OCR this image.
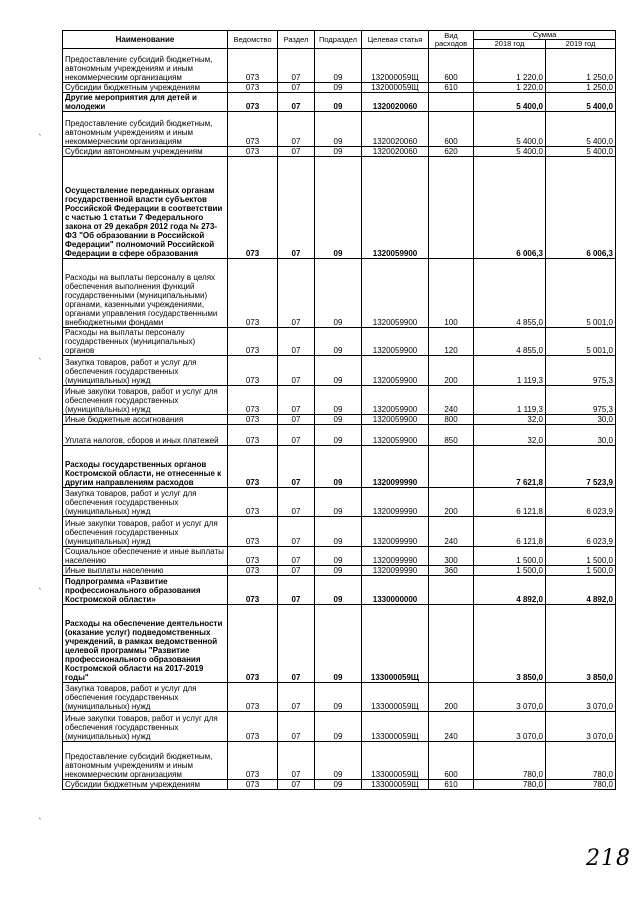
Наименование	Ведомство	Раздел	Подраздел	Целевая статья	Вид расходов	Сумма	
						2018 год	2019 год
Предоставление субсидий бюджетным, автономным учреждениям и иным некоммерческим организациям	073	07	09	132000059Щ	600	1 220,0	1 250,0
Субсидии бюджетным учреждениям	073	07	09	132000059Щ	610	1 220,0	1 250,0
Другие мероприятия для детей и молодежи	073	07	09	1320020060		5 400,0	5 400,0
Предоставление субсидий бюджетным, автономным учреждениям и иным некоммерческим организациям	073	07	09	1320020060	600	5 400,0	5 400,0
Субсидии автономным учреждениям	073	07	09	1320020060	620	5 400,0	5 400,0
Осуществление переданных органам государственной власти субъектов Российской Федерации в соответствии с частью 1 статьи 7 Федерального закона от 29 декабря 2012 года № 273-ФЗ "Об образовании в Российской Федерации" полномочий Российской Федерации в сфере образования	073	07	09	1320059900		6 006,3	6 006,3
Расходы на выплаты персоналу в целях обеспечения выполнения функций государственными (муниципальными) органами, казенными учреждениями, органами управления государственными внебюджетными фондами	073	07	09	1320059900	100	4 855,0	5 001,0
Расходы на выплаты персоналу государственных (муниципальных) органов	073	07	09	1320059900	120	4 855,0	5 001,0
Закупка товаров, работ и услуг для обеспечения государственных (муниципальных) нужд	073	07	09	1320059900	200	1 119,3	975,3
Иные закупки товаров, работ и услуг для обеспечения государственных (муниципальных) нужд	073	07	09	1320059900	240	1 119,3	975,3
Иные бюджетные ассигнования	073	07	09	1320059900	800	32,0	30,0
Уплата налогов, сборов и иных платежей	073	07	09	1320059900	850	32,0	30,0
Расходы государственных органов Костромской области, не отнесенные к другим направлениям расходов	073	07	09	1320099990		7 621,8	7 523,9
Закупка товаров, работ и услуг для обеспечения государственных (муниципальных) нужд	073	07	09	1320099990	200	6 121,8	6 023,9
Иные закупки товаров, работ и услуг для обеспечения государственных (муниципальных) нужд	073	07	09	1320099990	240	6 121,8	6 023,9
Социальное обеспечение и иные выплаты населению	073	07	09	1320099990	300	1 500,0	1 500,0
Иные выплаты населению	073	07	09	1320099990	360	1 500,0	1 500,0
Подпрограмма «Развитие профессионального образования Костромской области»	073	07	09	1330000000		4 892,0	4 892,0
Расходы на обеспечение деятельности (оказание услуг) подведомственных учреждений, в рамках ведомственной целевой программы "Развитие профессионального образования Костромской области на 2017-2019 годы"	073	07	09	133000059Щ		3 850,0	3 850,0
Закупка товаров, работ и услуг для обеспечения государственных (муниципальных) нужд	073	07	09	133000059Щ	200	3 070,0	3 070,0
Иные закупки товаров, работ и услуг для обеспечения государственных (муниципальных) нужд	073	07	09	133000059Щ	240	3 070,0	3 070,0
Предоставление субсидий бюджетным, автономным учреждениям и иным некоммерческим организациям	073	07	09	133000059Щ	600	780,0	780,0
Субсидии бюджетным учреждениям	073	07	09	133000059Щ	610	780,0	780,0
218
`
`
`
`
